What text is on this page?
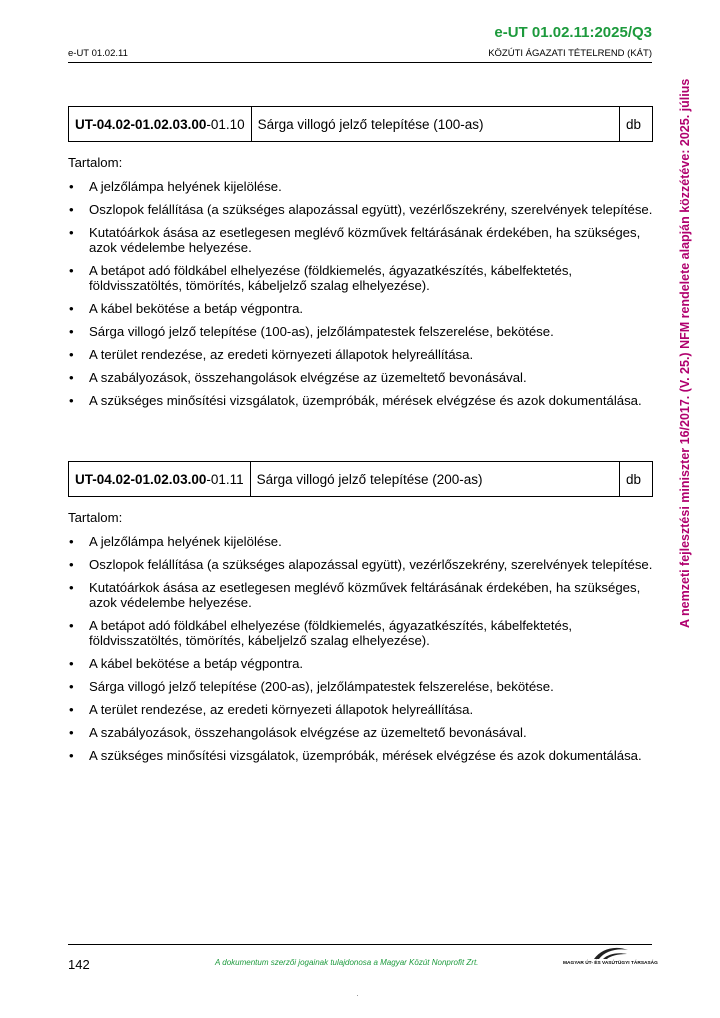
e-UT 01.02.11:2025/Q3
e-UT 01.02.11	KÖZÚTI ÁGAZATI TÉTELREND (KÁT)
A nemzeti fejlesztési miniszter 16/2017. (V. 25.) NFM rendelete alapján közzétéve: 2025. július
UT-04.02-01.02.03.00-01.10	Sárga villogó jelző telepítése (100-as)	db
Tartalom:
• A jelzőlámpa helyének kijelölése.
• Oszlopok felállítása (a szükséges alapozással együtt), vezérlőszekrény, szerelvények telepítése.
• Kutatóárkok ásása az esetlegesen meglévő közművek feltárásának érdekében, ha szükséges, azok védelembe helyezése.
• A betápot adó földkábel elhelyezése (földkiemelés, ágyazatkészítés, kábelfektetés, földvisszatöltés, tömörítés, kábeljelző szalag elhelyezése).
• A kábel bekötése a betáp végpontra.
• Sárga villogó jelző telepítése (100-as), jelzőlámpatestek felszerelése, bekötése.
• A terület rendezése, az eredeti környezeti állapotok helyreállítása.
• A szabályozások, összehangolások elvégzése az üzemeltető bevonásával.
• A szükséges minősítési vizsgálatok, üzempróbák, mérések elvégzése és azok dokumentálása.
UT-04.02-01.02.03.00-01.11	Sárga villogó jelző telepítése (200-as)	db
Tartalom:
• A jelzőlámpa helyének kijelölése.
• Oszlopok felállítása (a szükséges alapozással együtt), vezérlőszekrény, szerelvények telepítése.
• Kutatóárkok ásása az esetlegesen meglévő közművek feltárásának érdekében, ha szükséges, azok védelembe helyezése.
• A betápot adó földkábel elhelyezése (földkiemelés, ágyazatkészítés, kábelfektetés, földvisszatöltés, tömörítés, kábeljelző szalag elhelyezése).
• A kábel bekötése a betáp végpontra.
• Sárga villogó jelző telepítése (200-as), jelzőlámpatestek felszerelése, bekötése.
• A terület rendezése, az eredeti környezeti állapotok helyreállítása.
• A szabályozások, összehangolások elvégzése az üzemeltető bevonásával.
• A szükséges minősítési vizsgálatok, üzempróbák, mérések elvégzése és azok dokumentálása.
142	A dokumentum szerzői jogainak tulajdonosa a Magyar Közút Nonprofit Zrt.	MAGYAR ÚT- ÉS VASÚTÜGYI TÁRSASÁG
